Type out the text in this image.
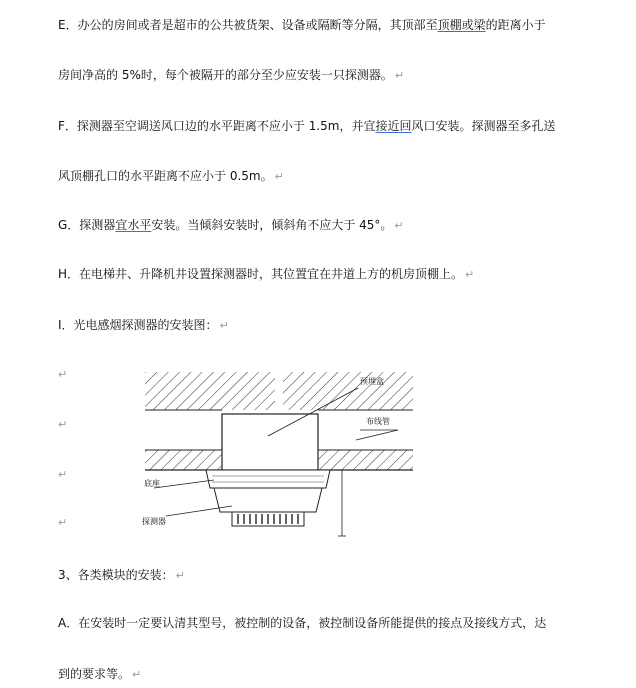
E．办公的房间或者是超市的公共被货架、设备或隔断等分隔，其顶部至顶棚或梁的距离小于
房间净高的 5%时，每个被隔开的部分至少应安装一只探测器。 ↵
F．探测器至空调送风口边的水平距离不应小于 1.5m，并宜接近回风口安装。探测器至多孔送
风顶棚孔口的水平距离不应小于 0.5m。 ↵
G．探测器宜水平安装。当倾斜安装时，倾斜角不应大于 45°。 ↵
H．在电梯井、升降机井设置探测器时，其位置宜在井道上方的机房顶棚上。 ↵
I．光电感烟探测器的安装图： ↵
↵
↵
↵
↵
预埋盒
布线管
底座
探测器
3、各类模块的安装： ↵
A．在安装时一定要认清其型号，被控制的设备，被控制设备所能提供的接点及接线方式，达
到的要求等。 ↵
